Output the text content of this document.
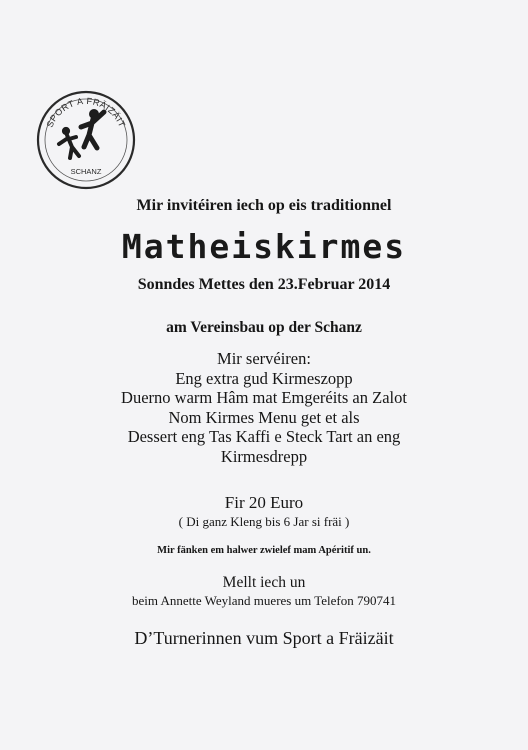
SPORT A FRÄIZÄIT
SCHANZ
Mir invitéiren iech op eis traditionnel
Matheiskirmes
Sonndes Mettes den 23.Februar 2014
am Vereinsbau op der Schanz
Mir servéiren:
Eng extra gud Kirmeszopp
Duerno warm Hâm mat Emgeréits an Zalot
Nom Kirmes Menu get et als
Dessert eng Tas Kaffi e Steck Tart an eng
Kirmesdrepp
Fir 20 Euro
( Di ganz Kleng bis 6 Jar si fräi )
Mir fänken em halwer zwielef mam Apéritif un.
Mellt iech un
beim Annette Weyland mueres um Telefon 790741
D’Turnerinnen vum Sport a Fräizäit
